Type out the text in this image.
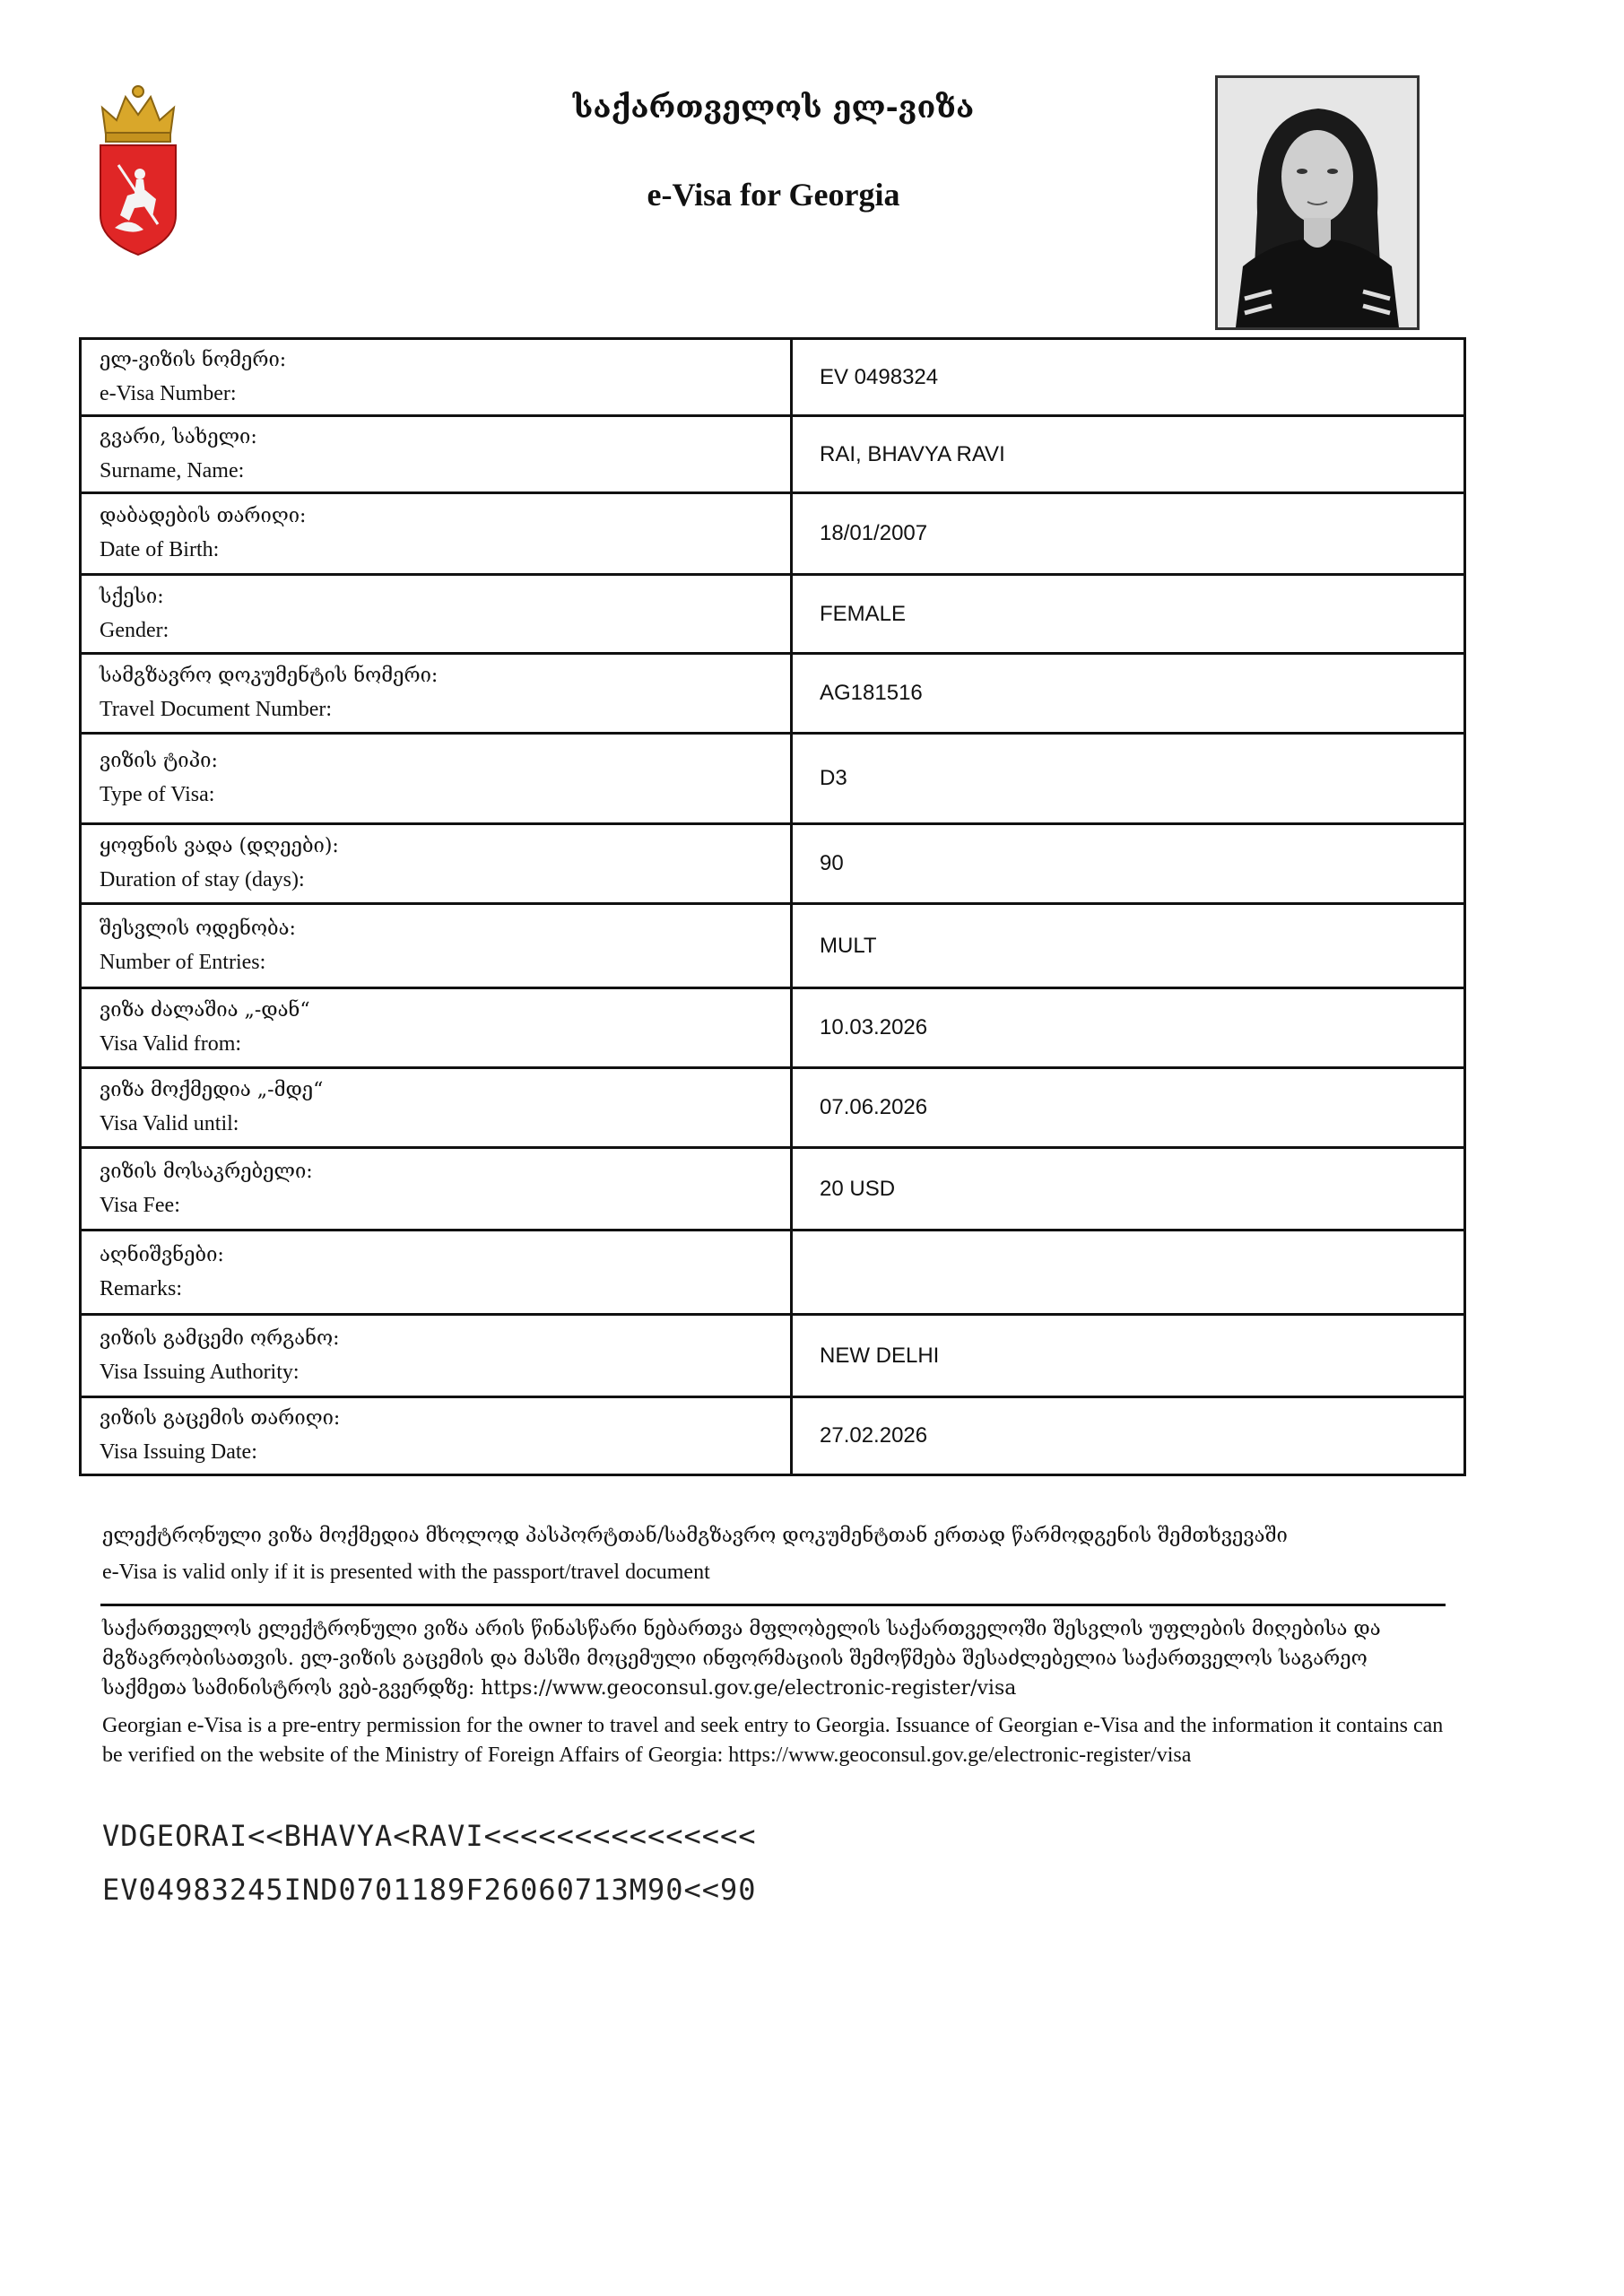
საქართველოს ელ-ვიზა
e-Visa for Georgia
ელ-ვიზის ნომერი:
e-Visa Number:	EV 0498324

გვარი, სახელი:
Surname, Name:	RAI, BHAVYA RAVI

დაბადების თარიღი:
Date of Birth:	18/01/2007

სქესი:
Gender:	FEMALE

სამგზავრო დოკუმენტის ნომერი:
Travel Document Number:	AG181516

ვიზის ტიპი:
Type of Visa:	D3

ყოფნის ვადა (დღეები):
Duration of stay (days):	90

შესვლის ოდენობა:
Number of Entries:	MULT

ვიზა ძალაშია „-დან“
Visa Valid from:	10.03.2026

ვიზა მოქმედია „-მდე“
Visa Valid until:	07.06.2026

ვიზის მოსაკრებელი:
Visa Fee:	20 USD

აღნიშვნები:
Remarks:	

ვიზის გამცემი ორგანო:
Visa Issuing Authority:	NEW DELHI

ვიზის გაცემის თარიღი:
Visa Issuing Date:	27.02.2026
ელექტრონული ვიზა მოქმედია მხოლოდ პასპორტთან/სამგზავრო დოკუმენტთან ერთად წარმოდგენის შემთხვევაში
e-Visa is valid only if it is presented with the passport/travel document
საქართველოს ელექტრონული ვიზა არის წინასწარი ნებართვა მფლობელის საქართველოში შესვლის უფლების მიღებისა და მგზავრობისათვის. ელ-ვიზის გაცემის და მასში მოცემული ინფორმაციის შემოწმება შესაძლებელია საქართველოს საგარეო საქმეთა სამინისტროს ვებ-გვერდზე: https://www.geoconsul.gov.ge/electronic-register/visa
Georgian e-Visa is a pre-entry permission for the owner to travel and seek entry to Georgia. Issuance of Georgian e-Visa and the information it contains can be verified on the website of the Ministry of Foreign Affairs of Georgia: https://www.geoconsul.gov.ge/electronic-register/visa
VDGEORAI<<BHAVYA<RAVI<<<<<<<<<<<<<<<
EV04983245IND0701189F26060713M90<<90
